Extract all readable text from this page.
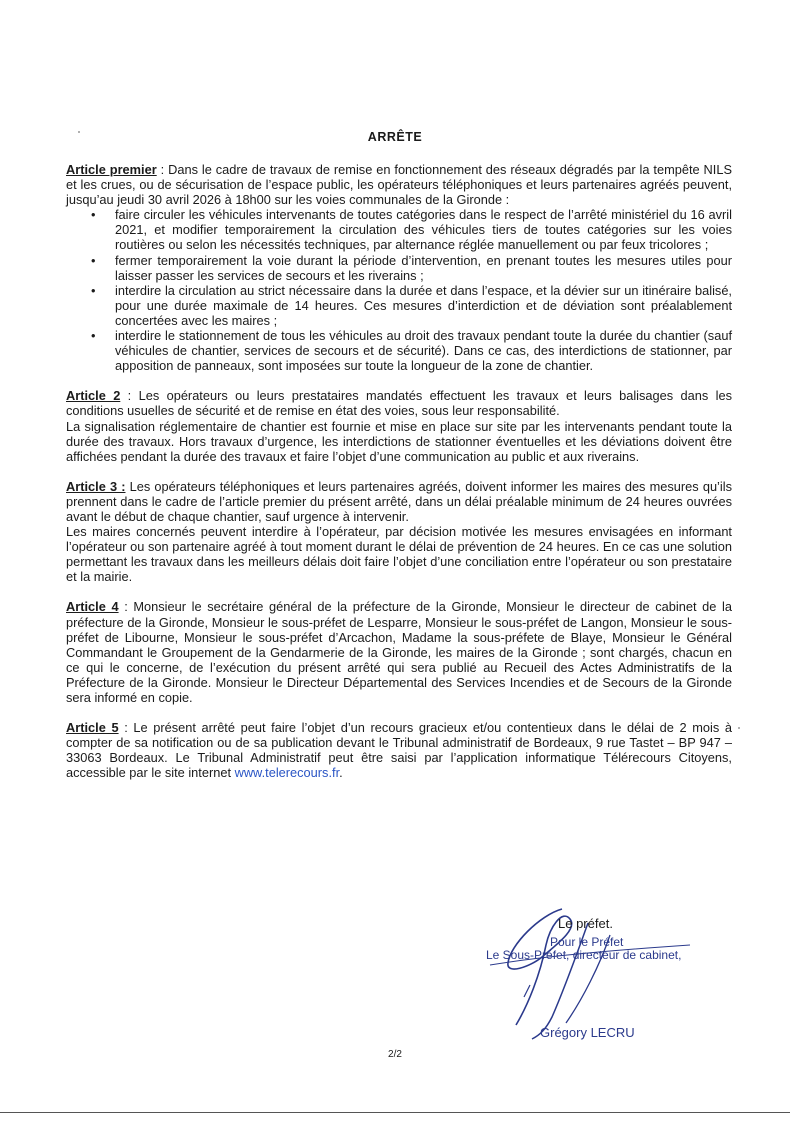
ARRÊTE

Article premier : Dans le cadre de travaux de remise en fonctionnement des réseaux dégradés par la tempête NILS et les crues, ou de sécurisation de l’espace public, les opérateurs téléphoniques et leurs partenaires agréés peuvent, jusqu’au jeudi 30 avril 2026 à 18h00 sur les voies communales de la Gironde :

• faire circuler les véhicules intervenants de toutes catégories dans le respect de l’arrêté ministériel du 16 avril 2021, et modifier temporairement la circulation des véhicules tiers de toutes catégories sur les voies routières ou selon les nécessités techniques, par alternance réglée manuellement ou par feux tricolores ;
• fermer temporairement la voie durant la période d’intervention, en prenant toutes les mesures utiles pour laisser passer les services de secours et les riverains ;
• interdire la circulation au strict nécessaire dans la durée et dans l’espace, et la dévier sur un itinéraire balisé, pour une durée maximale de 14 heures. Ces mesures d’interdiction et de déviation sont préalablement concertées avec les maires ;
• interdire le stationnement de tous les véhicules au droit des travaux pendant toute la durée du chantier (sauf véhicules de chantier, services de secours et de sécurité). Dans ce cas, des interdictions de stationner, par apposition de panneaux, sont imposées sur toute la longueur de la zone de chantier.

Article 2 : Les opérateurs ou leurs prestataires mandatés effectuent les travaux et leurs balisages dans les conditions usuelles de sécurité et de remise en état des voies, sous leur responsabilité.

La signalisation réglementaire de chantier est fournie et mise en place sur site par les intervenants pendant toute la durée des travaux. Hors travaux d’urgence, les interdictions de stationner éventuelles et les déviations doivent être affichées pendant la durée des travaux et faire l’objet d’une communication au public et aux riverains.

Article 3 : Les opérateurs téléphoniques et leurs partenaires agréés, doivent informer les maires des mesures qu’ils prennent dans le cadre de l’article premier du présent arrêté, dans un délai préalable minimum de 24 heures ouvrées avant le début de chaque chantier, sauf urgence à intervenir.

Les maires concernés peuvent interdire à l’opérateur, par décision motivée les mesures envisagées en informant l’opérateur ou son partenaire agréé à tout moment durant le délai de prévention de 24 heures. En ce cas une solution permettant les travaux dans les meilleurs délais doit faire l’objet d’une conciliation entre l’opérateur ou son prestataire et la mairie.

Article 4 : Monsieur le secrétaire général de la préfecture de la Gironde, Monsieur le directeur de cabinet de la préfecture de la Gironde, Monsieur le sous-préfet de Lesparre, Monsieur le sous-préfet de Langon, Monsieur le sous-préfet de Libourne, Monsieur le sous-préfet d’Arcachon, Madame la sous-préfete de Blaye, Monsieur le Général Commandant le Groupement de la Gendarmerie de la Gironde, les maires de la Gironde ; sont chargés, chacun en ce qui le concerne, de l’exécution du présent arrêté qui sera publié au Recueil des Actes Administratifs de la Préfecture de la Gironde. Monsieur le Directeur Départemental des Services Incendies et de Secours de la Gironde sera informé en copie.

Article 5 : Le présent arrêté peut faire l’objet d’un recours gracieux et/ou contentieux dans le délai de 2 mois à compter de sa notification ou de sa publication devant le Tribunal administratif de Bordeaux, 9 rue Tastet – BP 947 – 33063 Bordeaux. Le Tribunal Administratif peut être saisi par l’application informatique Télérecours Citoyens, accessible par le site internet www.telerecours.fr.

Le préfet.
Pour le Préfet
Le Sous-Préfet, directeur de cabinet,
Grégory LECRU
2/2
